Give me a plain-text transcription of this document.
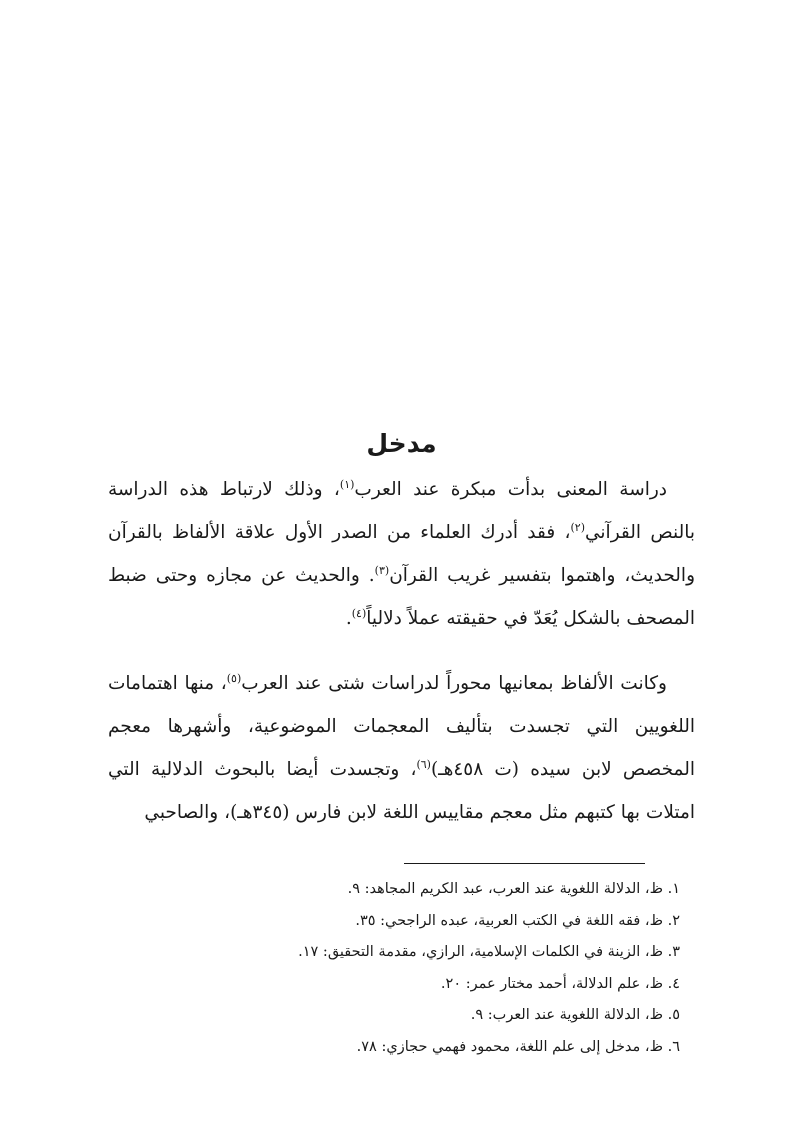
مدخل

دراسة المعنى بدأت مبكرة عند العرب$^{(١)}$، وذلك لارتباط هذه الدراسة بالنص القرآني$^{(٢)}$، فقد أدرك العلماء من الصدر الأول علاقة الألفاظ بالقرآن والحديث، واهتموا بتفسير غريب القرآن$^{(٣)}$. والحديث عن مجازه وحتى ضبط المصحف بالشكل يُعَدّ في حقيقته عملاً دلالياً$^{(٤)}$.

وكانت الألفاظ بمعانيها محوراً لدراسات شتى عند العرب$^{(٥)}$، منها اهتمامات اللغويين التي تجسدت بتأليف المعجمات الموضوعية، وأشهرها معجم المخصص لابن سيده (ت ٤٥٨هـ)$^{(٦)}$، وتجسدت أيضا بالبحوث الدلالية التي امتلات بها كتبهم مثل معجم مقاييس اللغة لابن فارس (٣٤٥هـ)، والصاحبي

١. ظ، الدلالة اللغوية عند العرب، عبد الكريم المجاهد: ٩.
٢. ظ، فقه اللغة في الكتب العربية، عبده الراجحي: ٣٥.
٣. ظ، الزينة في الكلمات الإسلامية، الرازي، مقدمة التحقيق: ١٧.
٤. ظ، علم الدلالة، أحمد مختار عمر: ٢٠.
٥. ظ، الدلالة اللغوية عند العرب: ٩.
٦. ظ، مدخل إلى علم اللغة، محمود فهمي حجازي: ٧٨.
